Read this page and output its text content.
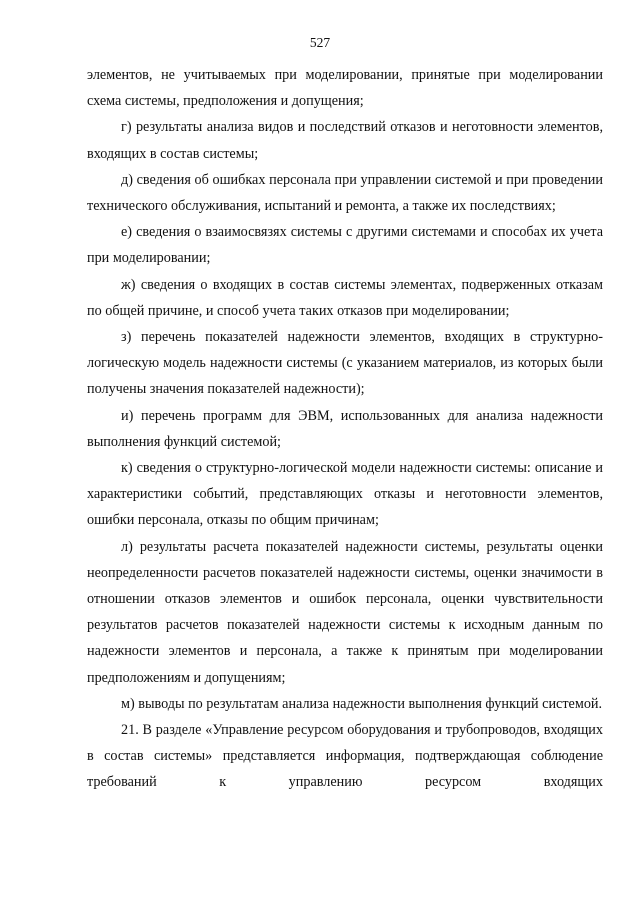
527

элементов, не учитываемых при моделировании, принятые при моделировании схема системы, предположения и допущения;

г) результаты анализа видов и последствий отказов и неготовности элементов, входящих в состав системы;

д) сведения об ошибках персонала при управлении системой и при проведении технического обслуживания, испытаний и ремонта, а также их последствиях;

е) сведения о взаимосвязях системы с другими системами и способах их учета при моделировании;

ж) сведения о входящих в состав системы элементах, подверженных отказам по общей причине, и способ учета таких отказов при моделировании;

з) перечень показателей надежности элементов, входящих в структурно-логическую модель надежности системы (с указанием материалов, из которых были получены значения показателей надежности);

и) перечень программ для ЭВМ, использованных для анализа надежности выполнения функций системой;

к) сведения о структурно-логической модели надежности системы: описание и характеристики событий, представляющих отказы и неготовности элементов, ошибки персонала, отказы по общим причинам;

л) результаты расчета показателей надежности системы, результаты оценки неопределенности расчетов показателей надежности системы, оценки значимости в отношении отказов элементов и ошибок персонала, оценки чувствительности результатов расчетов показателей надежности системы к исходным данным по надежности элементов и персонала, а также к принятым при моделировании предположениям и допущениям;

м) выводы по результатам анализа надежности выполнения функций системой.

21. В разделе «Управление ресурсом оборудования и трубопроводов, входящих в состав системы» представляется информация, подтверждающая соблюдение требований к управлению ресурсом входящих
